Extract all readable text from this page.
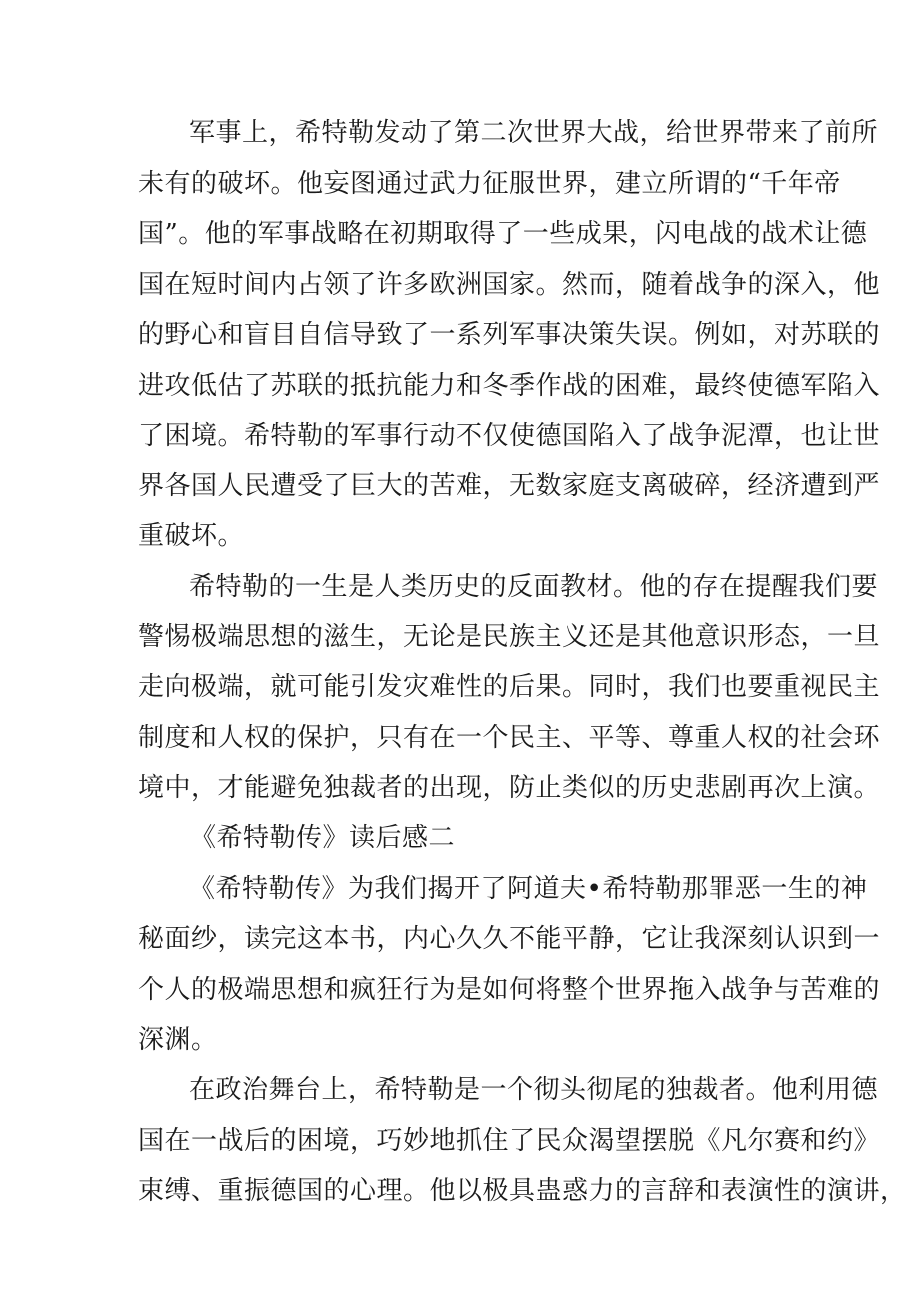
军事上，希特勒发动了第二次世界大战，给世界带来了前所
未有的破坏。他妄图通过武力征服世界，建立所谓的“千年帝
国”。他的军事战略在初期取得了一些成果，闪电战的战术让德
国在短时间内占领了许多欧洲国家。然而，随着战争的深入，他
的野心和盲目自信导致了一系列军事决策失误。例如，对苏联的
进攻低估了苏联的抵抗能力和冬季作战的困难，最终使德军陷入
了困境。希特勒的军事行动不仅使德国陷入了战争泥潭，也让世
界各国人民遭受了巨大的苦难，无数家庭支离破碎，经济遭到严
重破坏。
希特勒的一生是人类历史的反面教材。他的存在提醒我们要
警惕极端思想的滋生，无论是民族主义还是其他意识形态，一旦
走向极端，就可能引发灾难性的后果。同时，我们也要重视民主
制度和人权的保护，只有在一个民主、平等、尊重人权的社会环
境中，才能避免独裁者的出现，防止类似的历史悲剧再次上演。
《希特勒传》读后感二
《希特勒传》为我们揭开了阿道夫•希特勒那罪恶一生的神
秘面纱，读完这本书，内心久久不能平静，它让我深刻认识到一
个人的极端思想和疯狂行为是如何将整个世界拖入战争与苦难的
深渊。
在政治舞台上，希特勒是一个彻头彻尾的独裁者。他利用德
国在一战后的困境，巧妙地抓住了民众渴望摆脱《凡尔赛和约》
束缚、重振德国的心理。他以极具蛊惑力的言辞和表演性的演讲，
